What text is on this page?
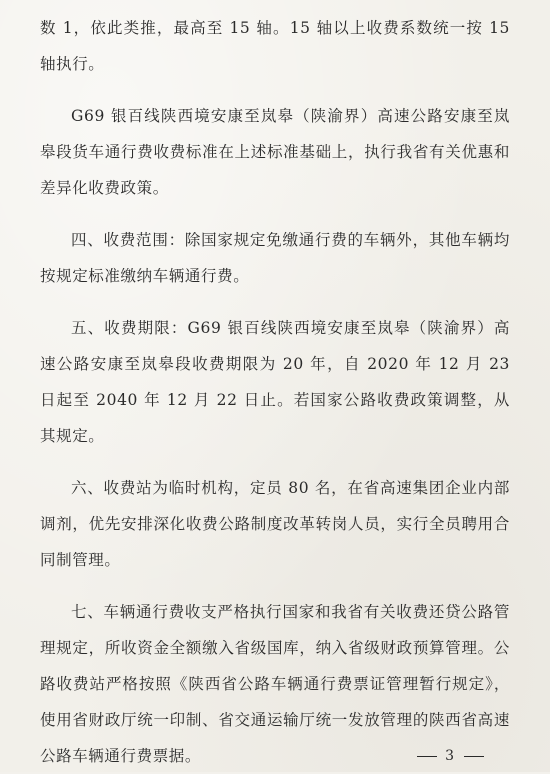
数 1，依此类推，最高至 15 轴。15 轴以上收费系数统一按 15 轴执行。

G69 银百线陕西境安康至岚皋（陕渝界）高速公路安康至岚皋段货车通行费收费标准在上述标准基础上，执行我省有关优惠和差异化收费政策。

四、收费范围：除国家规定免缴通行费的车辆外，其他车辆均按规定标准缴纳车辆通行费。

五、收费期限：G69 银百线陕西境安康至岚皋（陕渝界）高速公路安康至岚皋段收费期限为 20 年，自 2020 年 12 月 23 日起至 2040 年 12 月 22 日止。若国家公路收费政策调整，从其规定。

六、收费站为临时机构，定员 80 名，在省高速集团企业内部调剂，优先安排深化收费公路制度改革转岗人员，实行全员聘用合同制管理。

七、车辆通行费收支严格执行国家和我省有关收费还贷公路管理规定，所收资金全额缴入省级国库，纳入省级财政预算管理。公路收费站严格按照《陕西省公路车辆通行费票证管理暂行规定》，使用省财政厅统一印制、省交通运输厅统一发放管理的陕西省高速公路车辆通行费票据。	3
